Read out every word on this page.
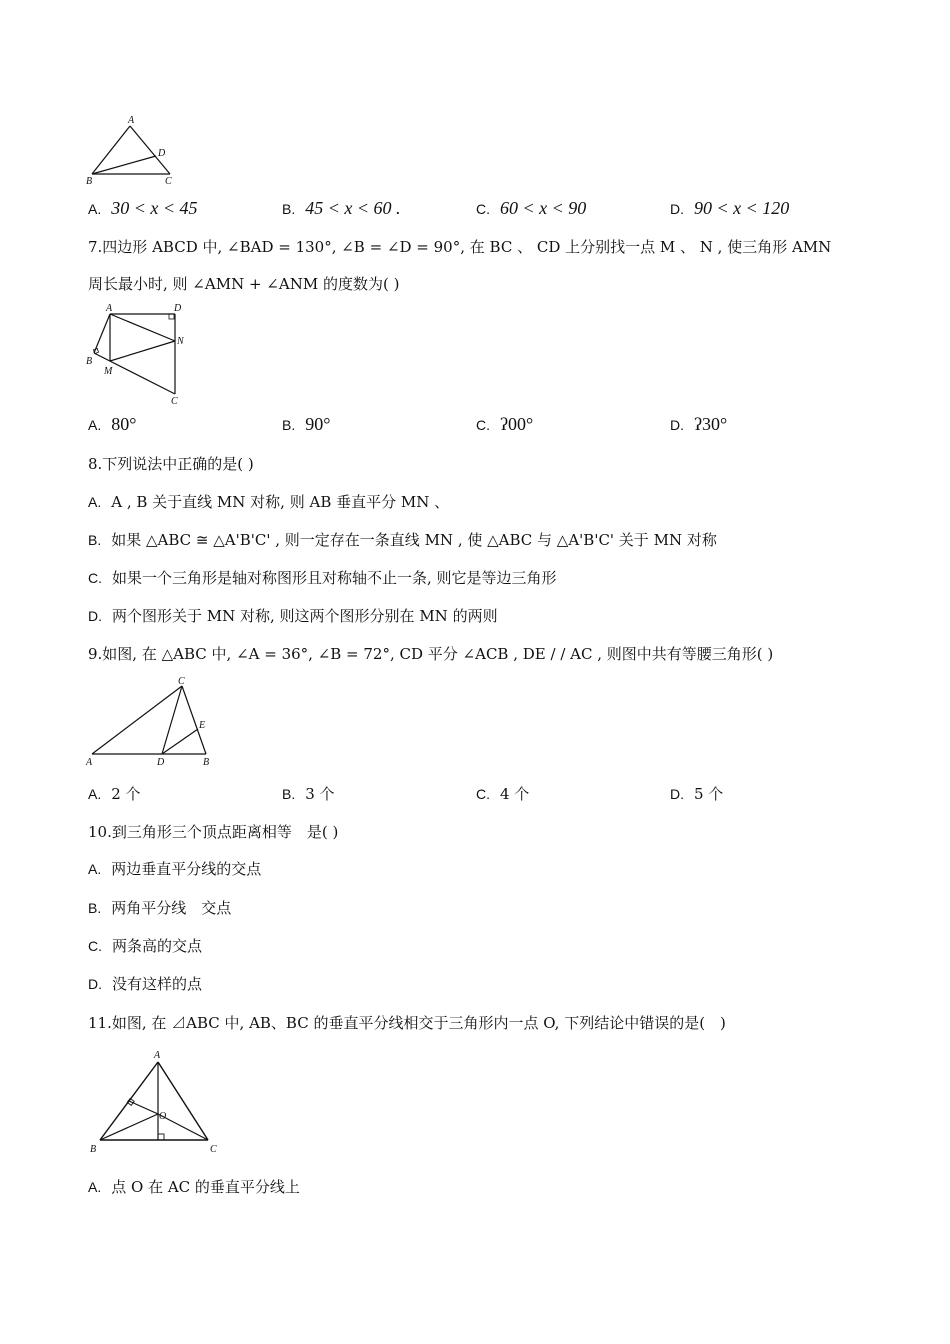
A
D
B	C
A. 30 < x < 45	B. 45 < x < 60 .	C. 60 < x < 90	D. 90 < x < 120
7.四边形 ABCD 中, ∠BAD = 130°, ∠B = ∠D = 90°, 在 BC 、 CD 上分别找一点 M 、 N , 使三角形 AMN
周长最小时, 则 ∠AMN + ∠ANM 的度数为( )
A	D
N
B
M
C
A. 80°	B. 90°	C. ʔ00°	D. ʔ30°
8.下列说法中正确的是( )
A. A , B 关于直线 MN 对称, 则 AB 垂直平分 MN 、
B. 如果 △ABC ≅ △A'B'C' , 则一定存在一条直线 MN , 使 △ABC 与 △A'B'C' 关于 MN 对称
C. 如果一个三角形是轴对称图形且对称轴不止一条, 则它是等边三角形
D. 两个图形关于 MN 对称, 则这两个图形分别在 MN 的两则
9.如图, 在 △ABC 中, ∠A = 36°, ∠B = 72°, CD 平分 ∠ACB , DE / / AC , 则图中共有等腰三角形( )
C
E
A	D	B
A. 2 个	B. 3 个	C. 4 个	D. 5 个
10.到三角形三个顶点距离相等　是( )
A. 两边垂直平分线的交点
B. 两角平分线　交点
C. 两条高的交点
D. 没有这样的点
11.如图, 在 ⊿ABC 中, AB、BC 的垂直平分线相交于三角形内一点 O, 下列结论中错误的是(　)
A
O
B	C
A. 点 O 在 AC 的垂直平分线上
